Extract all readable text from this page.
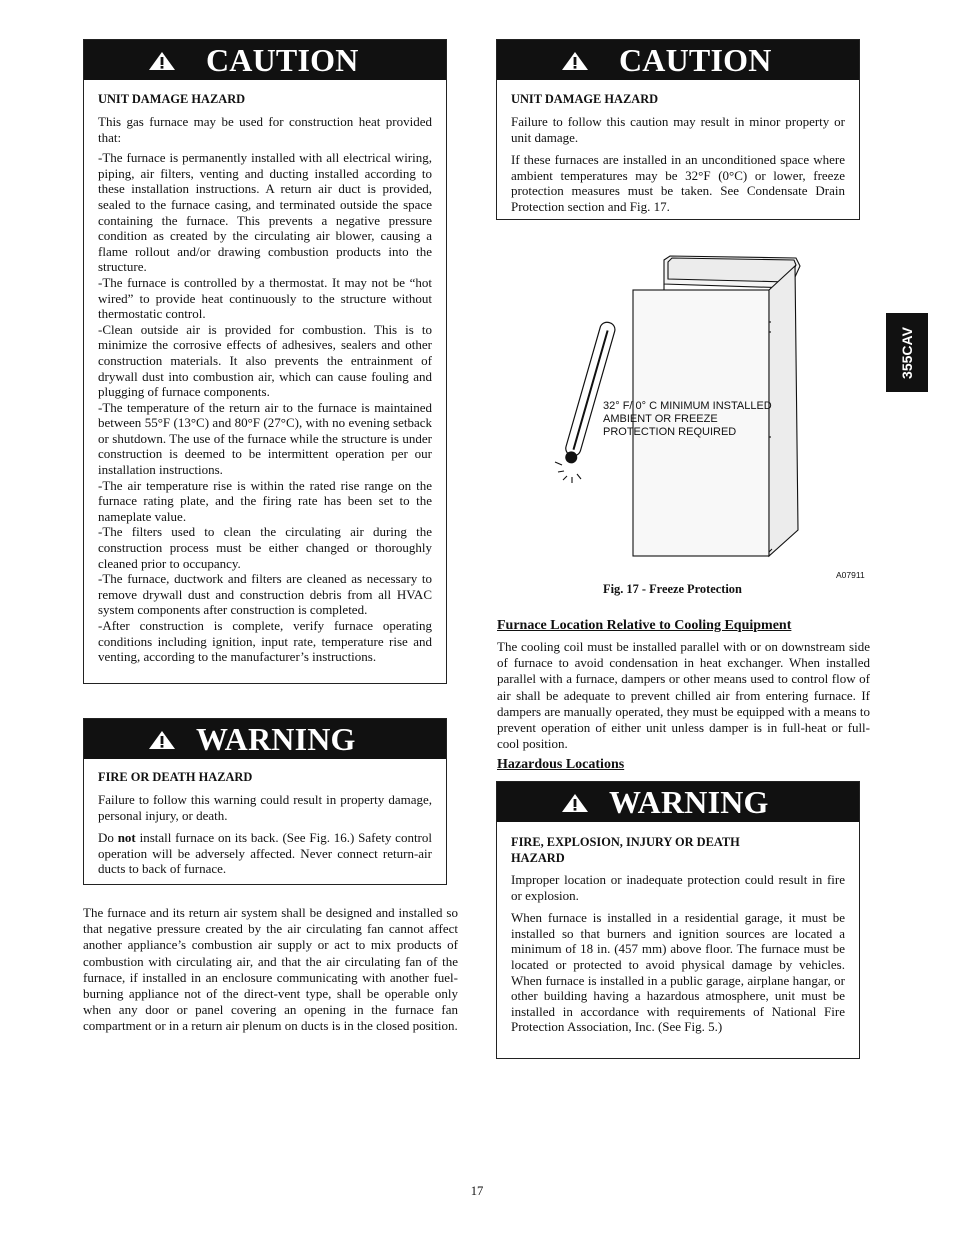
CAUTION
UNIT DAMAGE HAZARD

This gas furnace may be used for construction heat provided that:

-The furnace is permanently installed with all electrical wiring, piping, air filters, venting and ducting installed according to these installation instructions. A return air duct is provided, sealed to the furnace casing, and terminated outside the space containing the furnace. This prevents a negative pressure condition as created by the circulating air blower, causing a flame rollout and/or drawing combustion products into the structure.

-The furnace is controlled by a thermostat. It may not be “hot wired” to provide heat continuously to the structure without thermostatic control.

-Clean outside air is provided for combustion. This is to minimize the corrosive effects of adhesives, sealers and other construction materials. It also prevents the entrainment of drywall dust into combustion air, which can cause fouling and plugging of furnace components.

-The temperature of the return air to the furnace is maintained between 55°F (13°C) and 80°F (27°C), with no evening setback or shutdown. The use of the furnace while the structure is under construction is deemed to be intermittent operation per our installation instructions.

-The air temperature rise is within the rated rise range on the furnace rating plate, and the firing rate has been set to the nameplate value.

-The filters used to clean the circulating air during the construction process must be either changed or thoroughly cleaned prior to occupancy.

-The furnace, ductwork and filters are cleaned as necessary to remove drywall dust and construction debris from all HVAC system components after construction is completed.

-After construction is complete, verify furnace operating conditions including ignition, input rate, temperature rise and venting, according to the manufacturer’s instructions.

WARNING
FIRE OR DEATH HAZARD

Failure to follow this warning could result in property damage, personal injury, or death.

Do not install furnace on its back. (See Fig. 16.) Safety control operation will be adversely affected. Never connect return-air ducts to back of furnace.

The furnace and its return air system shall be designed and installed so that negative pressure created by the air circulating fan cannot affect another appliance’s combustion air supply or act to mix products of combustion with circulating air, and that the air circulating fan of the furnace, if installed in an enclosure communicating with another fuel-burning appliance not of the direct-vent type, shall be operable only when any door or panel covering an opening in the furnace fan compartment or in a return air plenum on ducts is in the closed position.

CAUTION
UNIT DAMAGE HAZARD

Failure to follow this caution may result in minor property or unit damage.

If these furnaces are installed in an unconditioned space where ambient temperatures may be 32°F (0°C) or lower, freeze protection measures must be taken. See Condensate Drain Protection section and Fig. 17.

32° F/ 0° C MINIMUM INSTALLED
AMBIENT OR FREEZE
PROTECTION REQUIRED
A07911
Fig. 17 - Freeze Protection
Furnace Location Relative to Cooling Equipment

The cooling coil must be installed parallel with or on downstream side of furnace to avoid condensation in heat exchanger. When installed parallel with a furnace, dampers or other means used to control flow of air shall be adequate to prevent chilled air from entering furnace. If dampers are manually operated, they must be equipped with a means to prevent operation of either unit unless damper is in full-heat or full-cool position.

Hazardous Locations
WARNING
FIRE, EXPLOSION, INJURY OR DEATH
HAZARD

Improper location or inadequate protection could result in fire or explosion.

When furnace is installed in a residential garage, it must be installed so that burners and ignition sources are located a minimum of 18 in. (457 mm) above floor. The furnace must be located or protected to avoid physical damage by vehicles. When furnace is installed in a public garage, airplane hangar, or other building having a hazardous atmosphere, unit must be installed in accordance with requirements of National Fire Protection Association, Inc. (See Fig. 5.)

355CAV
17
